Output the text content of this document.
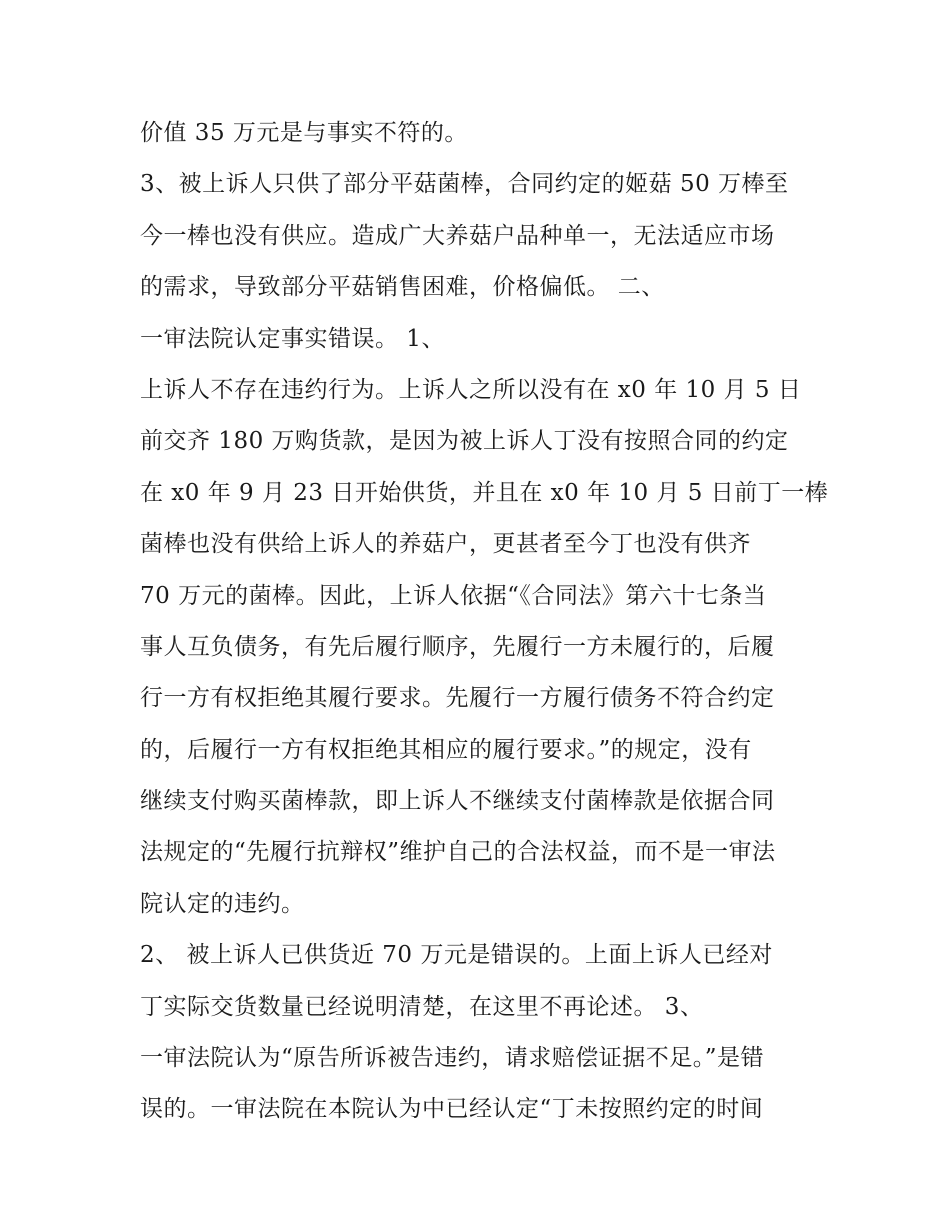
价值 35 万元是与事实不符的。
3、被上诉人只供了部分平菇菌棒，合同约定的姬菇 50 万棒至
今一棒也没有供应。造成广大养菇户品种单一，无法适应市场
的需求，导致部分平菇销售困难，价格偏低。 二、
一审法院认定事实错误。 1、
上诉人不存在违约行为。上诉人之所以没有在 x0 年 10 月 5 日
前交齐 180 万购货款，是因为被上诉人丁没有按照合同的约定
在 x0 年 9 月 23 日开始供货，并且在 x0 年 10 月 5 日前丁一棒
菌棒也没有供给上诉人的养菇户，更甚者至今丁也没有供齐
70 万元的菌棒。因此，上诉人依据“《合同法》第六十七条当
事人互负债务，有先后履行顺序，先履行一方未履行的，后履
行一方有权拒绝其履行要求。先履行一方履行债务不符合约定
的，后履行一方有权拒绝其相应的履行要求。”的规定，没有
继续支付购买菌棒款，即上诉人不继续支付菌棒款是依据合同
法规定的“先履行抗辩权”维护自己的合法权益，而不是一审法
院认定的违约。
2、 被上诉人已供货近 70 万元是错误的。上面上诉人已经对
丁实际交货数量已经说明清楚，在这里不再论述。 3、
一审法院认为“原告所诉被告违约，请求赔偿证据不足。”是错
误的。一审法院在本院认为中已经认定“丁未按照约定的时间
